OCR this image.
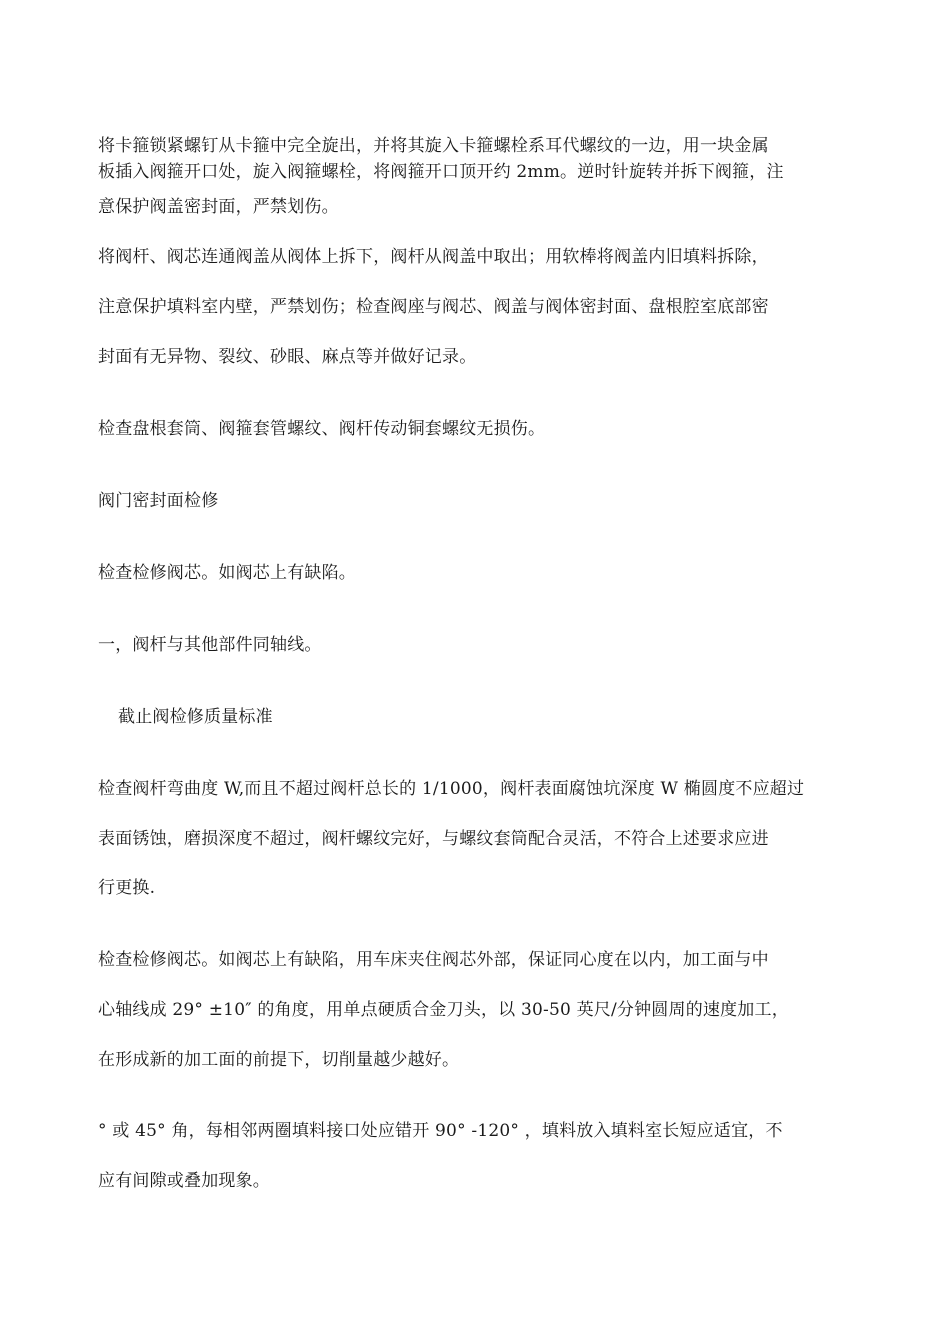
将卡箍锁紧螺钉从卡箍中完全旋出，并将其旋入卡箍螺栓系耳代螺纹的一边，用一块金属
板插入阀箍开口处，旋入阀箍螺栓，将阀箍开口顶开约 2mm。逆时针旋转并拆下阀箍，注
意保护阀盖密封面，严禁划伤。
将阀杆、阀芯连通阀盖从阀体上拆下，阀杆从阀盖中取出；用软棒将阀盖内旧填料拆除，
注意保护填料室内壁，严禁划伤；检查阀座与阀芯、阀盖与阀体密封面、盘根腔室底部密
封面有无异物、裂纹、砂眼、麻点等并做好记录。
检查盘根套筒、阀箍套管螺纹、阀杆传动铜套螺纹无损伤。
阀门密封面检修
检查检修阀芯。如阀芯上有缺陷。
一，阀杆与其他部件同轴线。
截止阀检修质量标准
检查阀杆弯曲度 W,而且不超过阀杆总长的 1/1000，阀杆表面腐蚀坑深度 W 椭圆度不应超过
表面锈蚀，磨损深度不超过，阀杆螺纹完好，与螺纹套筒配合灵活，不符合上述要求应进
行更换.
检查检修阀芯。如阀芯上有缺陷，用车床夹住阀芯外部，保证同心度在以内，加工面与中
心轴线成 29° ±10″ 的角度，用单点硬质合金刀头，以 30-50 英尺/分钟圆周的速度加工，
在形成新的加工面的前提下，切削量越少越好。
° 或 45° 角，每相邻两圈填料接口处应错开 90° -120° ，填料放入填料室长短应适宜，不
应有间隙或叠加现象。
